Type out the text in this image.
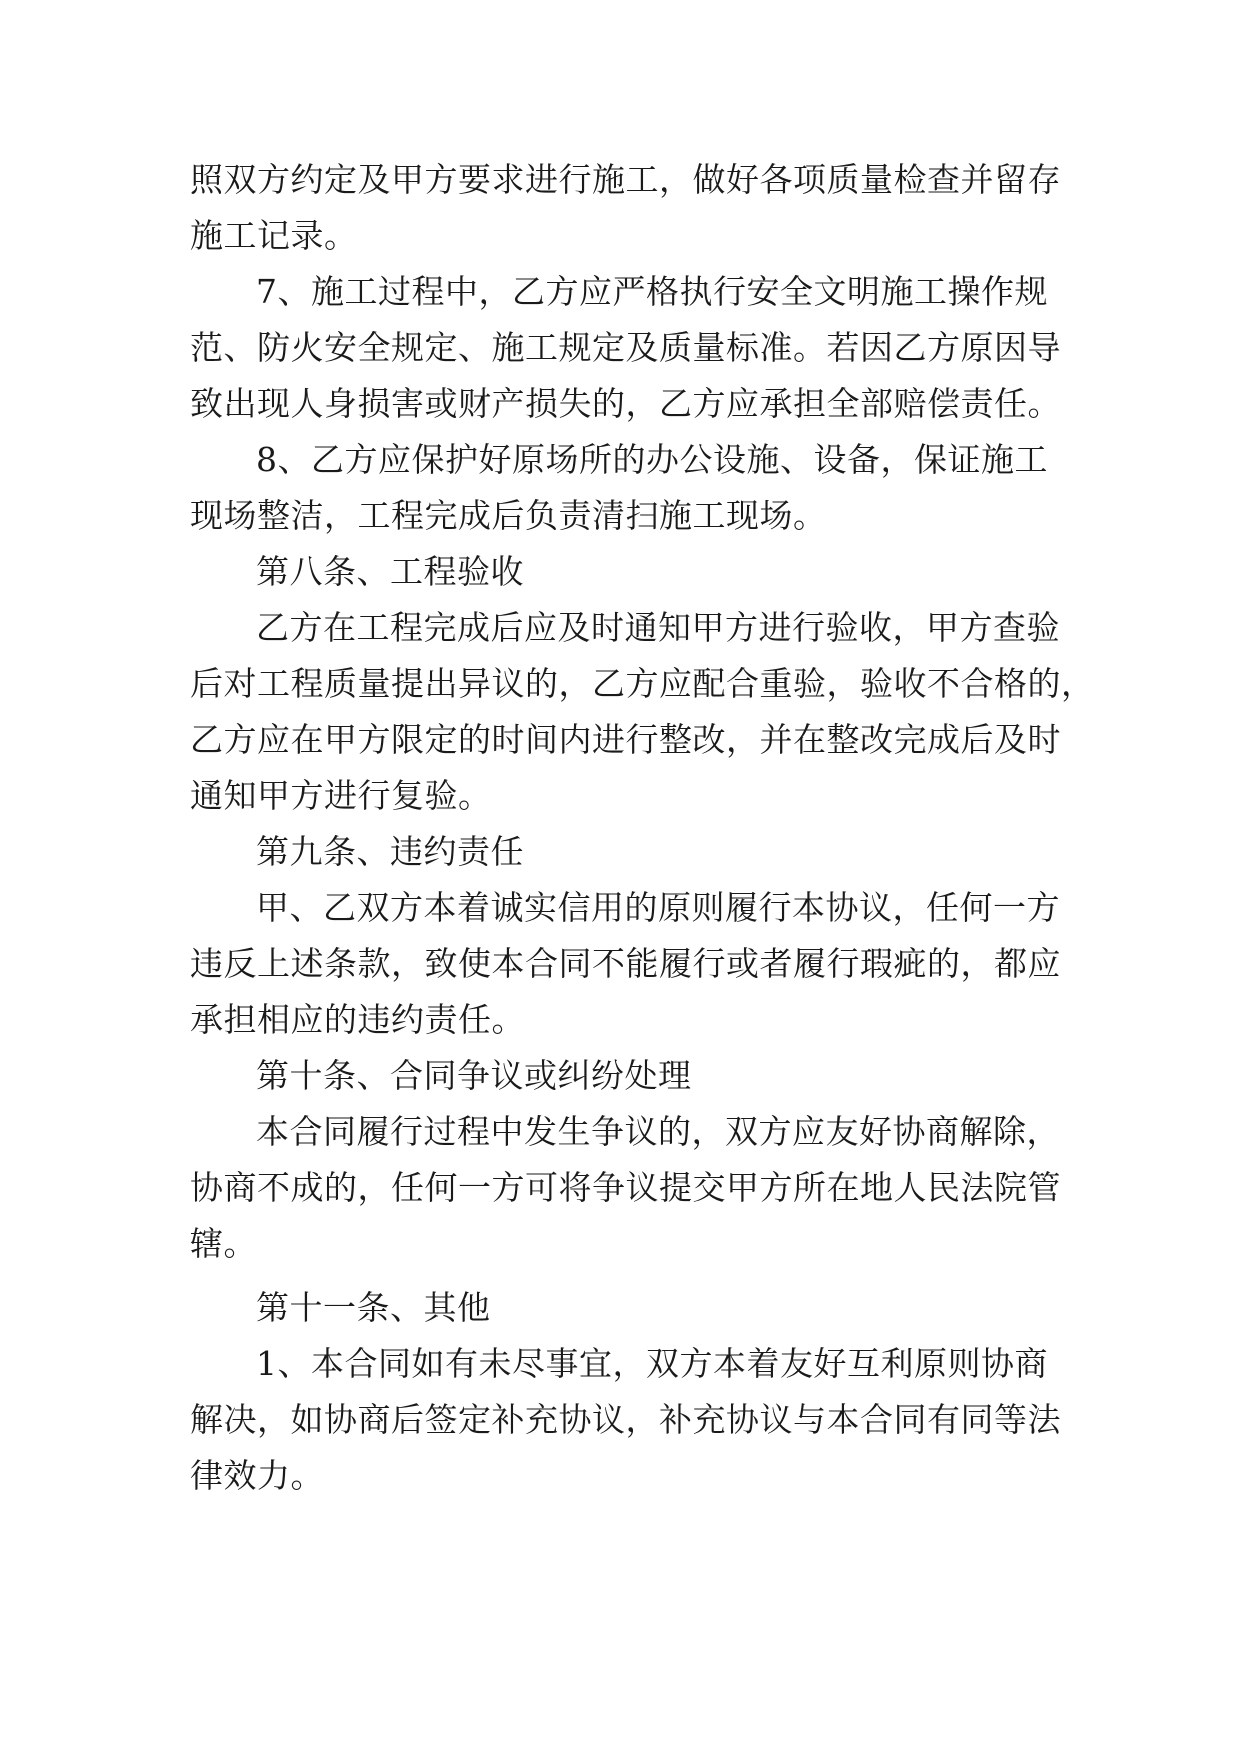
照双方约定及甲方要求进行施工，做好各项质量检查并留存
施工记录。
7、施工过程中，乙方应严格执行安全文明施工操作规
范、防火安全规定、施工规定及质量标准。若因乙方原因导
致出现人身损害或财产损失的，乙方应承担全部赔偿责任。
8、乙方应保护好原场所的办公设施、设备，保证施工
现场整洁，工程完成后负责清扫施工现场。
第八条、工程验收
乙方在工程完成后应及时通知甲方进行验收，甲方查验
后对工程质量提出异议的，乙方应配合重验，验收不合格的，
乙方应在甲方限定的时间内进行整改，并在整改完成后及时
通知甲方进行复验。
第九条、违约责任
甲、乙双方本着诚实信用的原则履行本协议，任何一方
违反上述条款，致使本合同不能履行或者履行瑕疵的，都应
承担相应的违约责任。
第十条、合同争议或纠纷处理
本合同履行过程中发生争议的，双方应友好协商解除，
协商不成的，任何一方可将争议提交甲方所在地人民法院管
辖。
第十一条、其他
1、本合同如有未尽事宜，双方本着友好互利原则协商
解决，如协商后签定补充协议，补充协议与本合同有同等法
律效力。
